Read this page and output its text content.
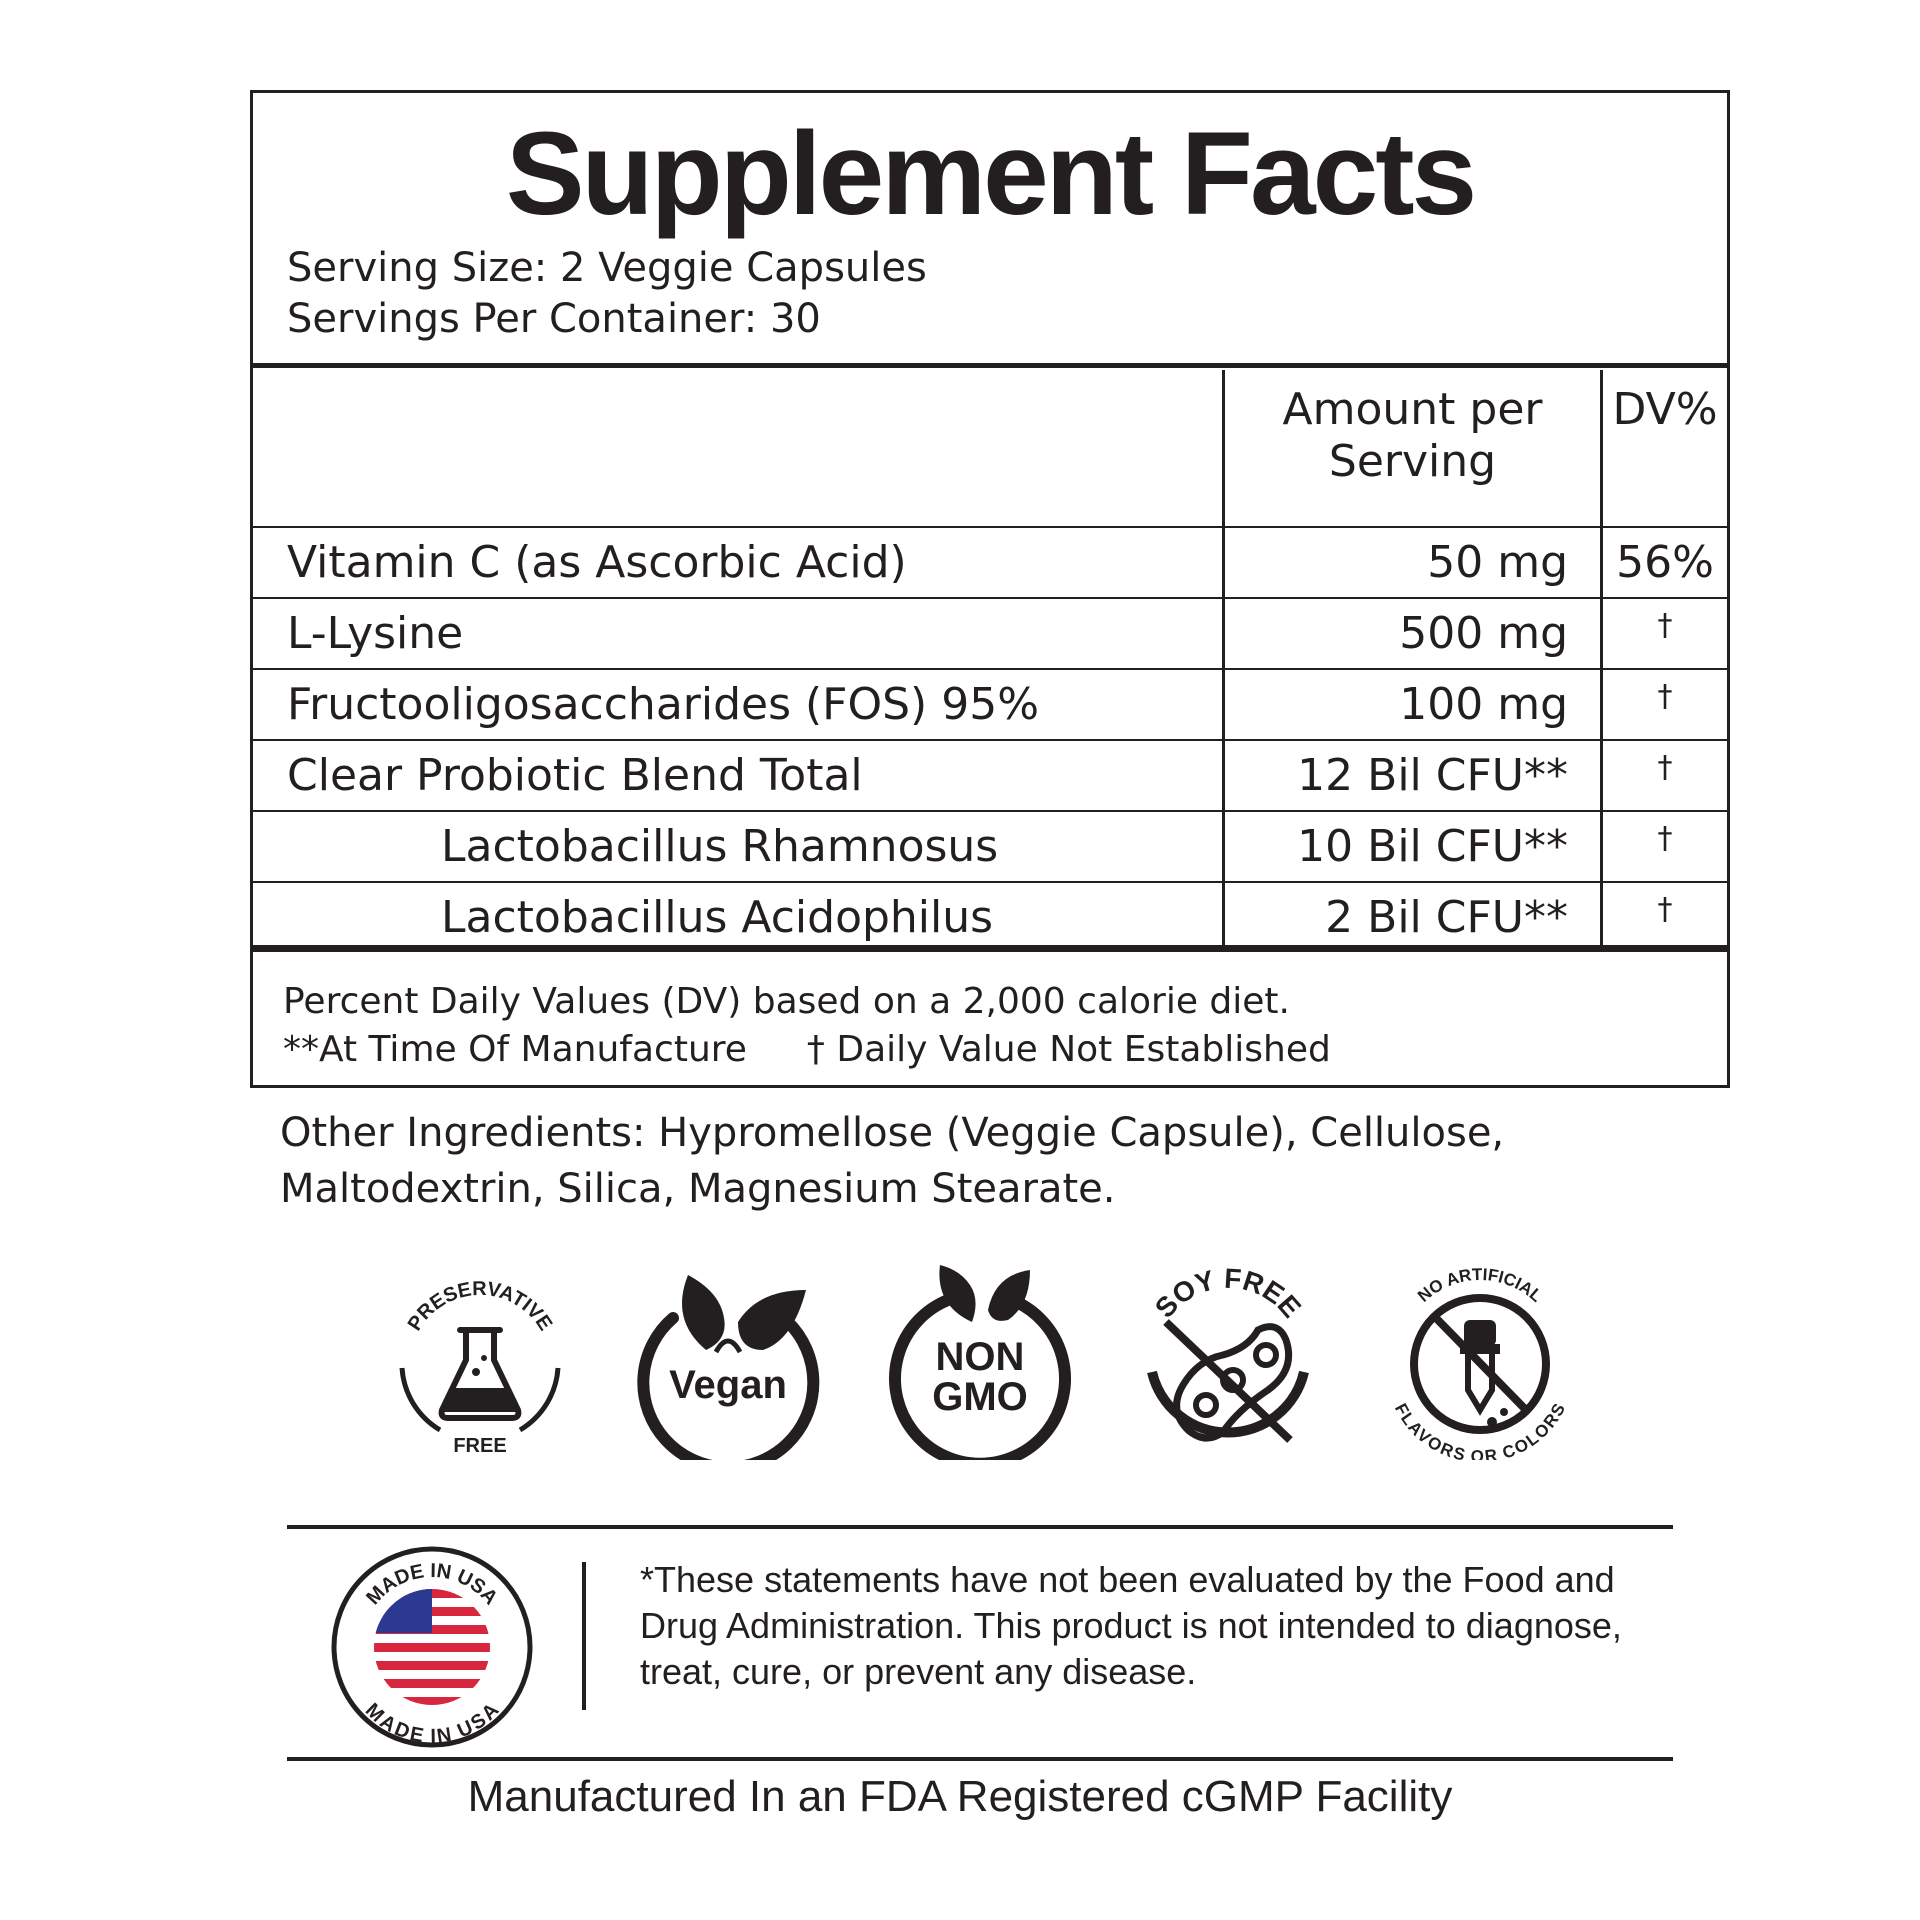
Supplement Facts
Serving Size: 2 Veggie Capsules
Servings Per Container: 30
	Amount per Serving	DV%
Vitamin C (as Ascorbic Acid)	50 mg	56%
L-Lysine	500 mg	†
Fructooligosaccharides (FOS) 95%	100 mg	†
Clear Probiotic Blend Total	12 Bil CFU**	†
Lactobacillus Rhamnosus	10 Bil CFU**	†
Lactobacillus Acidophilus	2 Bil CFU**	†
Percent Daily Values (DV) based on a 2,000 calorie diet.
**At Time Of Manufacture † Daily Value Not Established
Other Ingredients: Hypromellose (Veggie Capsule), Cellulose, Maltodextrin, Silica, Magnesium Stearate.
PRESERVATIVE
FREE
Vegan
NON
GMO
SOY FREE	NO ARTIFICIAL
FLAVORS OR COLORS
MADE IN USA
MADE IN USA
*These statements have not been evaluated by the Food and Drug Administration. This product is not intended to diagnose, treat, cure, or prevent any disease.
Manufactured In an FDA Registered cGMP Facility
